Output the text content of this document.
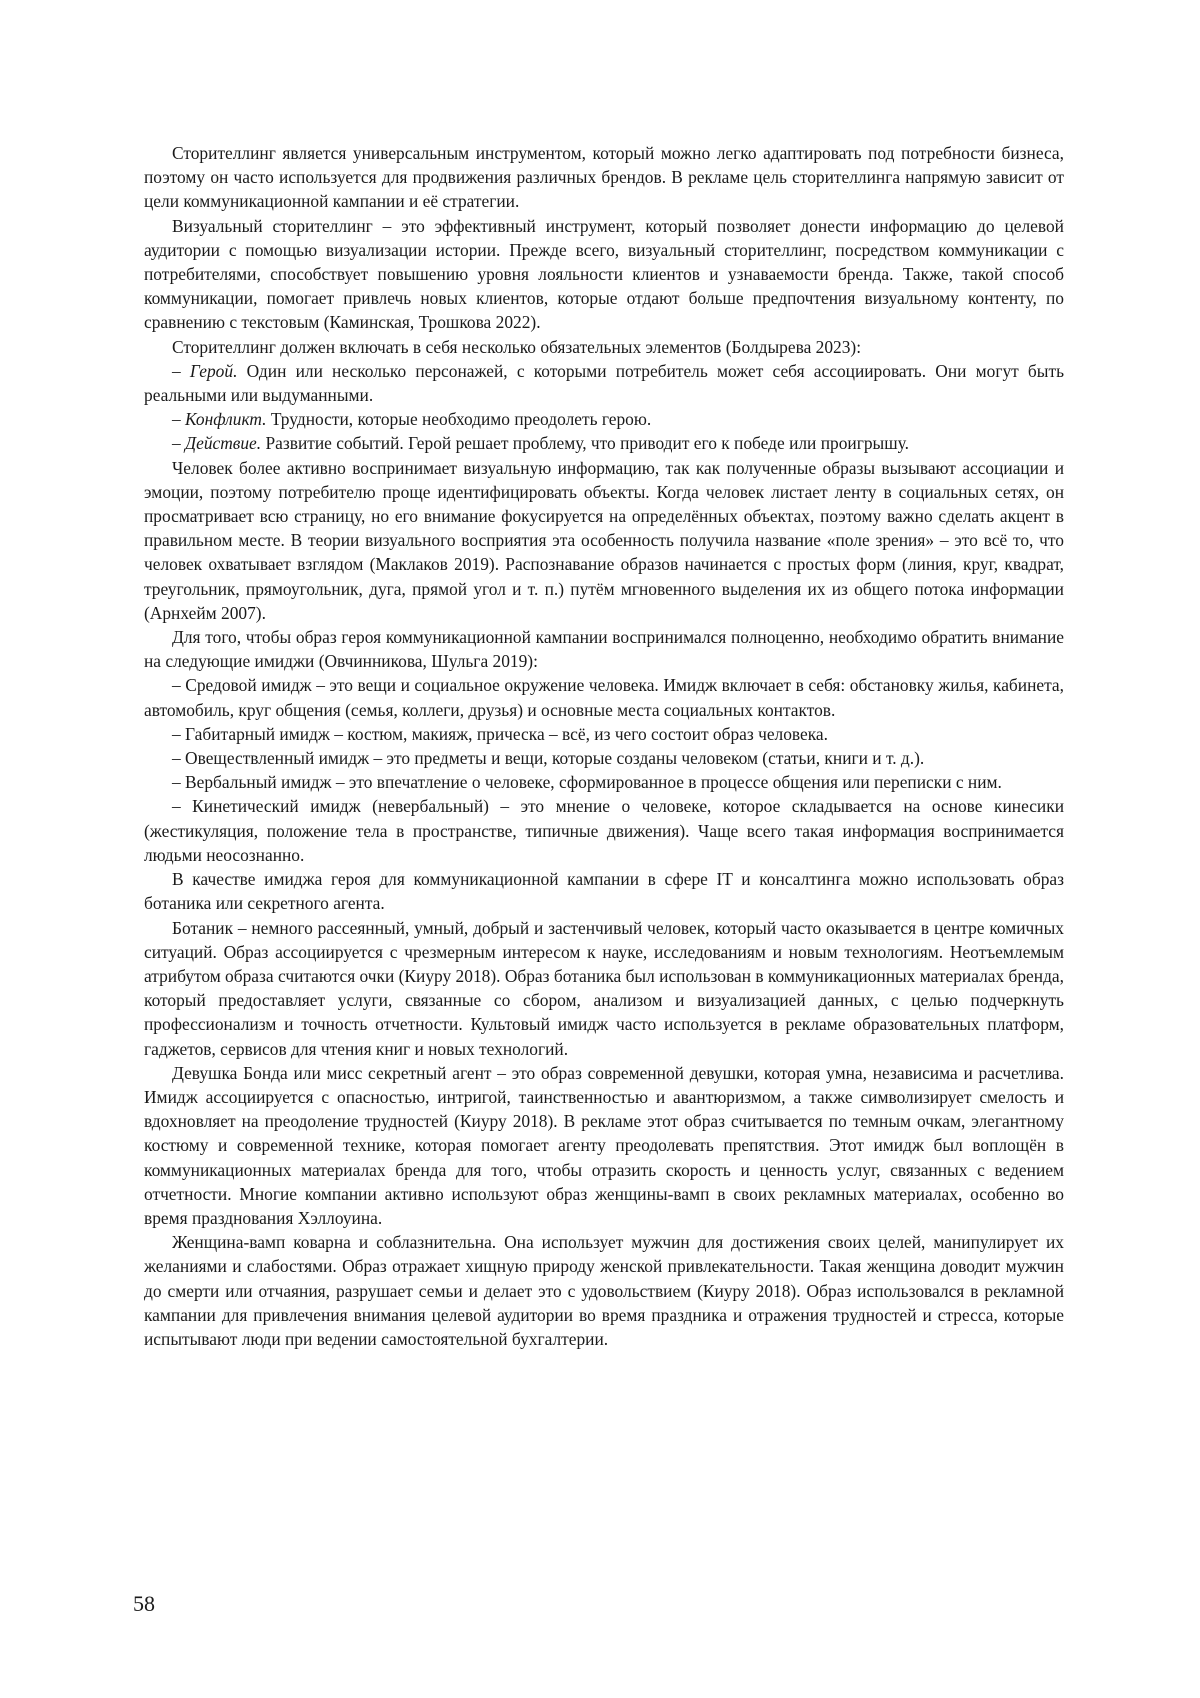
Сторителлинг является универсальным инструментом, который можно легко адаптировать под потребности бизнеса, поэтому он часто используется для продвижения различных брендов. В рекламе цель сторителлинга напрямую зависит от цели коммуникационной кампании и её стратегии.

Визуальный сторителлинг – это эффективный инструмент, который позволяет донести информацию до целевой аудитории с помощью визуализации истории. Прежде всего, визуальный сторителлинг, посредством коммуникации с потребителями, способствует повышению уровня лояльности клиентов и узнаваемости бренда. Также, такой способ коммуникации, помогает привлечь новых клиентов, которые отдают больше предпочтения визуальному контенту, по сравнению с текстовым (Каминская, Трошкова 2022).

Сторителлинг должен включать в себя несколько обязательных элементов (Болдырева 2023):

– Герой. Один или несколько персонажей, с которыми потребитель может себя ассоциировать. Они могут быть реальными или выдуманными.

– Конфликт. Трудности, которые необходимо преодолеть герою.

– Действие. Развитие событий. Герой решает проблему, что приводит его к победе или проигрышу.

Человек более активно воспринимает визуальную информацию, так как полученные образы вызывают ассоциации и эмоции, поэтому потребителю проще идентифицировать объекты. Когда человек листает ленту в социальных сетях, он просматривает всю страницу, но его внимание фокусируется на определённых объектах, поэтому важно сделать акцент в правильном месте. В теории визуального восприятия эта особенность получила название «поле зрения» – это всё то, что человек охватывает взглядом (Маклаков 2019). Распознавание образов начинается с простых форм (линия, круг, квадрат, треугольник, прямоугольник, дуга, прямой угол и т. п.) путём мгновенного выделения их из общего потока информации (Арнхейм 2007).

Для того, чтобы образ героя коммуникационной кампании воспринимался полноценно, необходимо обратить внимание на следующие имиджи (Овчинникова, Шульга 2019):

– Средовой имидж – это вещи и социальное окружение человека. Имидж включает в себя: обстановку жилья, кабинета, автомобиль, круг общения (семья, коллеги, друзья) и основные места социальных контактов.

– Габитарный имидж – костюм, макияж, прическа – всё, из чего состоит образ человека.

– Овеществленный имидж – это предметы и вещи, которые созданы человеком (статьи, книги и т. д.).

– Вербальный имидж – это впечатление о человеке, сформированное в процессе общения или переписки с ним.

– Кинетический имидж (невербальный) – это мнение о человеке, которое складывается на основе кинесики (жестикуляция, положение тела в пространстве, типичные движения). Чаще всего такая информация воспринимается людьми неосознанно.

В качестве имиджа героя для коммуникационной кампании в сфере IT и консалтинга можно использовать образ ботаника или секретного агента.

Ботаник – немного рассеянный, умный, добрый и застенчивый человек, который часто оказывается в центре комичных ситуаций. Образ ассоциируется с чрезмерным интересом к науке, исследованиям и новым технологиям. Неотъемлемым атрибутом образа считаются очки (Киуру 2018). Образ ботаника был использован в коммуникационных материалах бренда, который предоставляет услуги, связанные со сбором, анализом и визуализацией данных, с целью подчеркнуть профессионализм и точность отчетности. Культовый имидж часто используется в рекламе образовательных платформ, гаджетов, сервисов для чтения книг и новых технологий.

Девушка Бонда или мисс секретный агент – это образ современной девушки, которая умна, независима и расчетлива. Имидж ассоциируется с опасностью, интригой, таинственностью и авантюризмом, а также символизирует смелость и вдохновляет на преодоление трудностей (Киуру 2018). В рекламе этот образ считывается по темным очкам, элегантному костюму и современной технике, которая помогает агенту преодолевать препятствия. Этот имидж был воплощён в коммуникационных материалах бренда для того, чтобы отразить скорость и ценность услуг, связанных с ведением отчетности. Многие компании активно используют образ женщины-вамп в своих рекламных материалах, особенно во время празднования Хэллоуина.

Женщина-вамп коварна и соблазнительна. Она использует мужчин для достижения своих целей, манипулирует их желаниями и слабостями. Образ отражает хищную природу женской привлекательности. Такая женщина доводит мужчин до смерти или отчаяния, разрушает семьи и делает это с удовольствием (Киуру 2018). Образ использовался в рекламной кампании для привлечения внимания целевой аудитории во время праздника и отражения трудностей и стресса, которые испытывают люди при ведении самостоятельной бухгалтерии.

58
